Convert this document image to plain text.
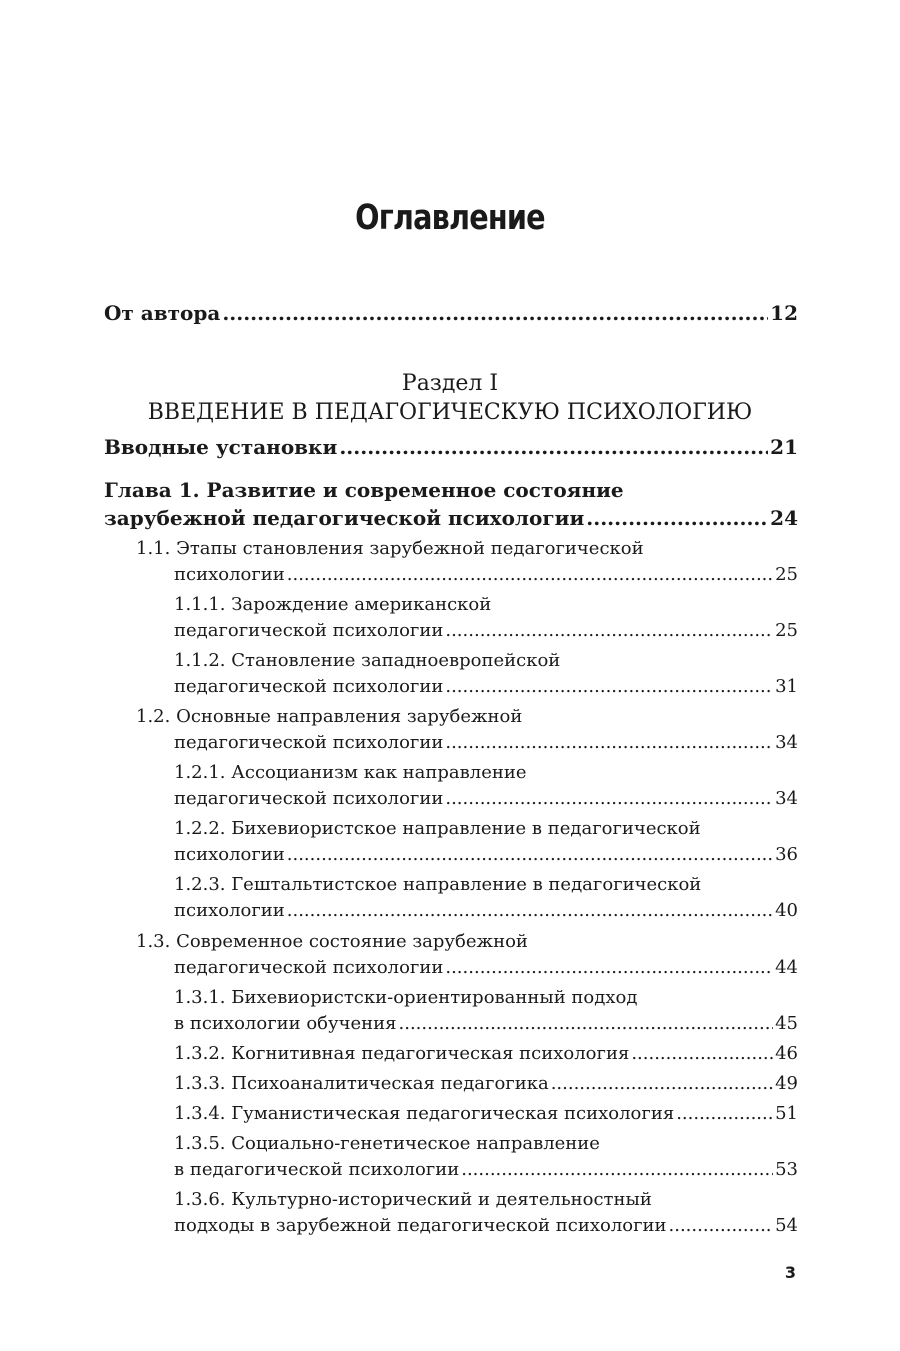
Оглавление
От автора .....	12
Раздел I
ВВЕДЕНИЕ В ПЕДАГОГИЧЕСКУЮ ПСИХОЛОГИЮ
Вводные установки .....	21
Глава 1. Развитие и современное состояние
зарубежной педагогической психологии .....	24
1.1. Этапы становления зарубежной педагогической
психологии .....	25
1.1.1. Зарождение американской
педагогической психологии .....	25
1.1.2. Становление западноевропейской
педагогической психологии .....	31
1.2. Основные направления зарубежной
педагогической психологии .....	34
1.2.1. Ассоцианизм как направление
педагогической психологии .....	34
1.2.2. Бихевиористское направление в педагогической
психологии .....	36
1.2.3. Гештальтистское направление в педагогической
психологии .....	40
1.3. Современное состояние зарубежной
педагогической психологии .....	44
1.3.1. Бихевиористски-ориентированный подход
в психологии обучения .....	45
1.3.2. Когнитивная педагогическая психология .....	46
1.3.3. Психоаналитическая педагогика .....	49
1.3.4. Гуманистическая педагогическая психология .....	51
1.3.5. Социально-генетическое направление
в педагогической психологии .....	53
1.3.6. Культурно-исторический и деятельностный
подходы в зарубежной педагогической психологии .....	54
3
